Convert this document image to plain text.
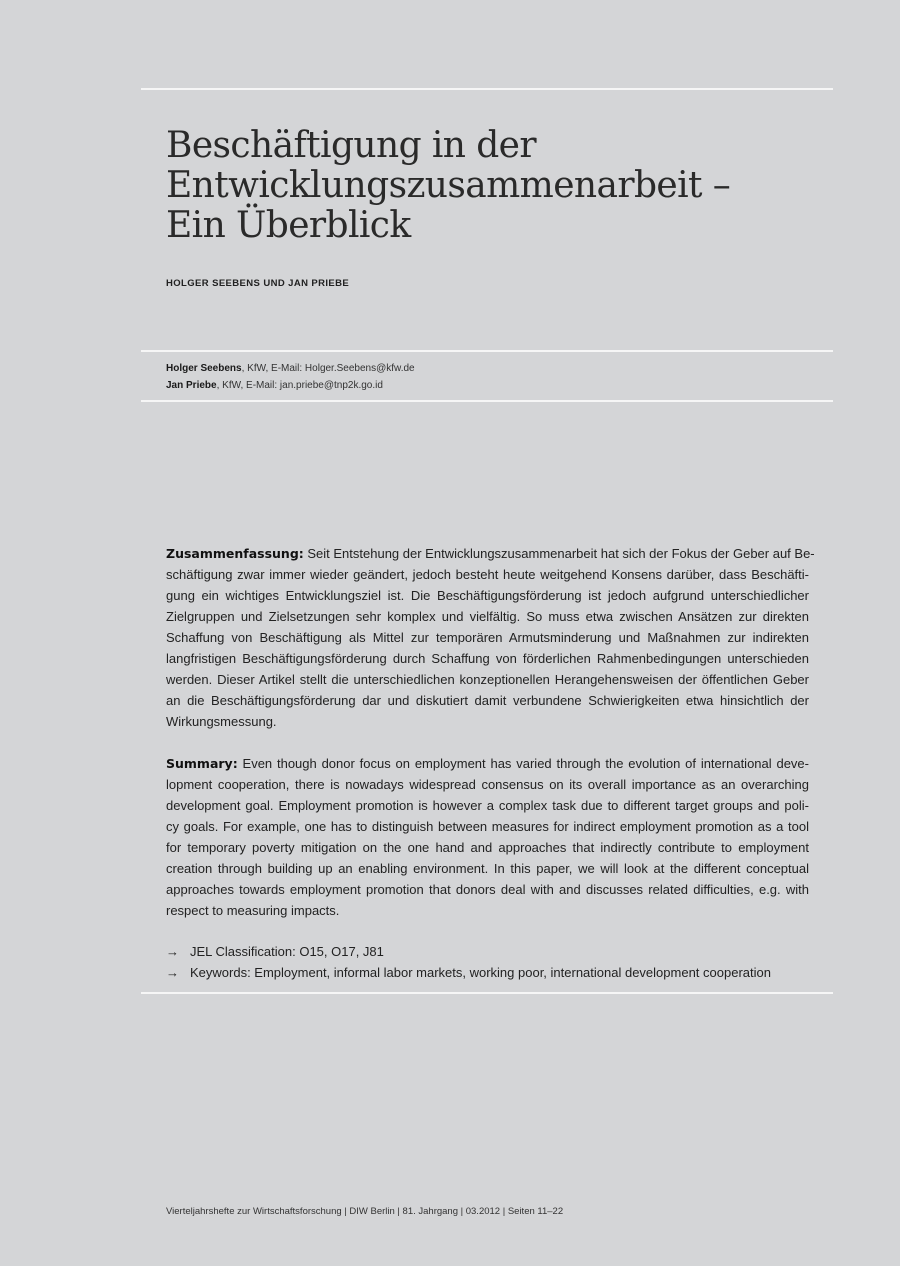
Beschäftigung in der
Entwicklungszusammenarbeit –
Ein Überblick

HOLGER SEEBENS UND JAN PRIEBE

Holger Seebens, KfW, E-Mail: Holger.Seebens@kfw.de

Jan Priebe, KfW, E-Mail: jan.priebe@tnp2k.go.id

Zusammenfassung: Seit Entstehung der Entwicklungszusammenarbeit hat sich der Fokus der Geber auf Be-
schäftigung zwar immer wieder geändert, jedoch besteht heute weitgehend Konsens darüber, dass Beschäfti-
gung ein wichtiges Entwicklungsziel ist. Die Beschäftigungsförderung ist jedoch aufgrund unterschiedlicher
Zielgruppen und Zielsetzungen sehr komplex und vielfältig. So muss etwa zwischen Ansätzen zur direkten
Schaffung von Beschäftigung als Mittel zur temporären Armutsminderung und Maßnahmen zur indirekten
langfristigen Beschäftigungsförderung durch Schaffung von förderlichen Rahmenbedingungen unterschieden
werden. Dieser Artikel stellt die unterschiedlichen konzeptionellen Herangehensweisen der öffentlichen Geber
an die Beschäftigungsförderung dar und diskutiert damit verbundene Schwierigkeiten etwa hinsichtlich der
Wirkungsmessung.
Summary: Even though donor focus on employment has varied through the evolution of international deve-
lopment cooperation, there is nowadays widespread consensus on its overall importance as an overarching
development goal. Employment promotion is however a complex task due to different target groups and poli-
cy goals. For example, one has to distinguish between measures for indirect employment promotion as a tool
for temporary poverty mitigation on the one hand and approaches that indirectly contribute to employment
creation through building up an enabling environment. In this paper, we will look at the different conceptual
approaches towards employment promotion that donors deal with and discusses related difficulties, e.g. with
respect to measuring impacts.
→ JEL Classification: O15, O17, J81
→ Keywords: Employment, informal labor markets, working poor, international development cooperation
Vierteljahrshefte zur Wirtschaftsforschung | DIW Berlin | 81. Jahrgang | 03.2012 | Seiten 11–22
